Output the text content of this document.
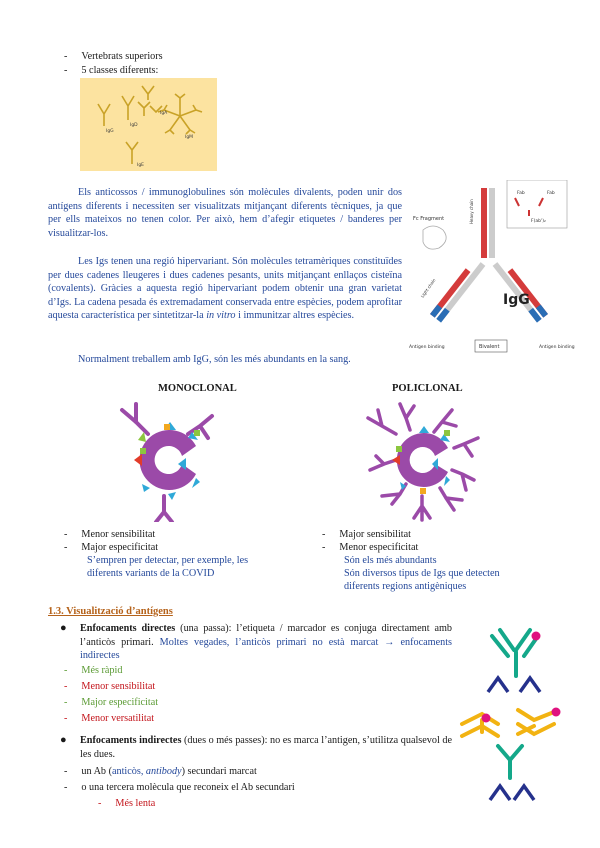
- Vertebrats superiors
- 5 classes diferents:
IgG
IgD
IgM
IgE
IgA
Els anticossos / immunoglobulines són molècules divalents, poden unir dos antígens diferents i necessiten ser visualitzats mitjançant diferents tècniques, ja que per ells mateixos no tenen color. Per això, hem d’afegir etiquetes / banderes per visualitzar-los.
Les Igs tenen una regió hipervariant. Són molècules tetramèriques constituïdes per dues cadenes lleugeres i dues cadenes pesants, units mitjançant enllaços cisteïna (covalents). Gràcies a aquesta regió hipervariant podem obtenir una gran varietat d’Igs. La cadena pesada és extremadament conservada entre espècies, podem aprofitar aquesta característica per sintetitzar-la in vitro i immunitzar altres espècies.
Normalment treballem amb IgG, són les més abundants en la sang.
Fab	Fab
F(ab')₂
Fc Fragment	Heavy chain
Light chain
IgG
Antigen binding	Bivalent	Antigen binding
MONOCLONAL
- Menor sensibilitat
- Major especificitat
S’empren per detectar, per exemple, les
diferents variants de la COVID
POLICLONAL
- Major sensibilitat
- Menor especificitat
Són els més abundants
Són diversos tipus de Igs que detecten
diferents regions antigèniques
1.3. Visualització d’antígens
● Enfocaments directes (una passa): l’etiqueta / marcador es conjuga directament amb l’anticòs primari. Moltes vegades, l’anticòs primari no està marcat → enfocaments indirectes
- Més ràpid
- Menor sensibilitat
- Major especificitat
- Menor versatilitat
● Enfocaments indirectes (dues o més passes): no es marca l’antigen, s’utilitza qualsevol de les dues.
- un Ab (anticòs, antibody) secundari marcat
- o una tercera molècula que reconeix el Ab secundari
- Més lenta
